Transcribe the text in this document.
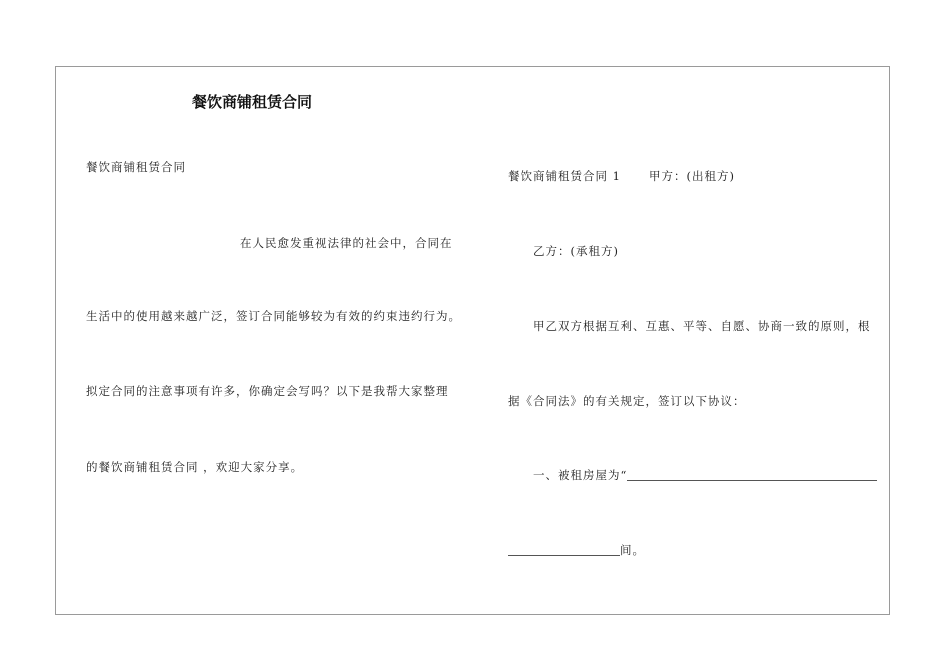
餐饮商铺租赁合同
餐饮商铺租赁合同
在人民愈发重视法律的社会中，合同在
生活中的使用越来越广泛，签订合同能够较为有效的约束违约行为。
拟定合同的注意事项有许多，你确定会写吗？以下是我帮大家整理
的餐饮商铺租赁合同 ，欢迎大家分享。
餐饮商铺租赁合同 1 甲方：(出租方)
乙方：(承租方)
甲乙双方根据互利、互惠、平等、自愿、协商一致的原则，根
据《合同法》的有关规定，签订以下协议：
一、被租房屋为“
间。
